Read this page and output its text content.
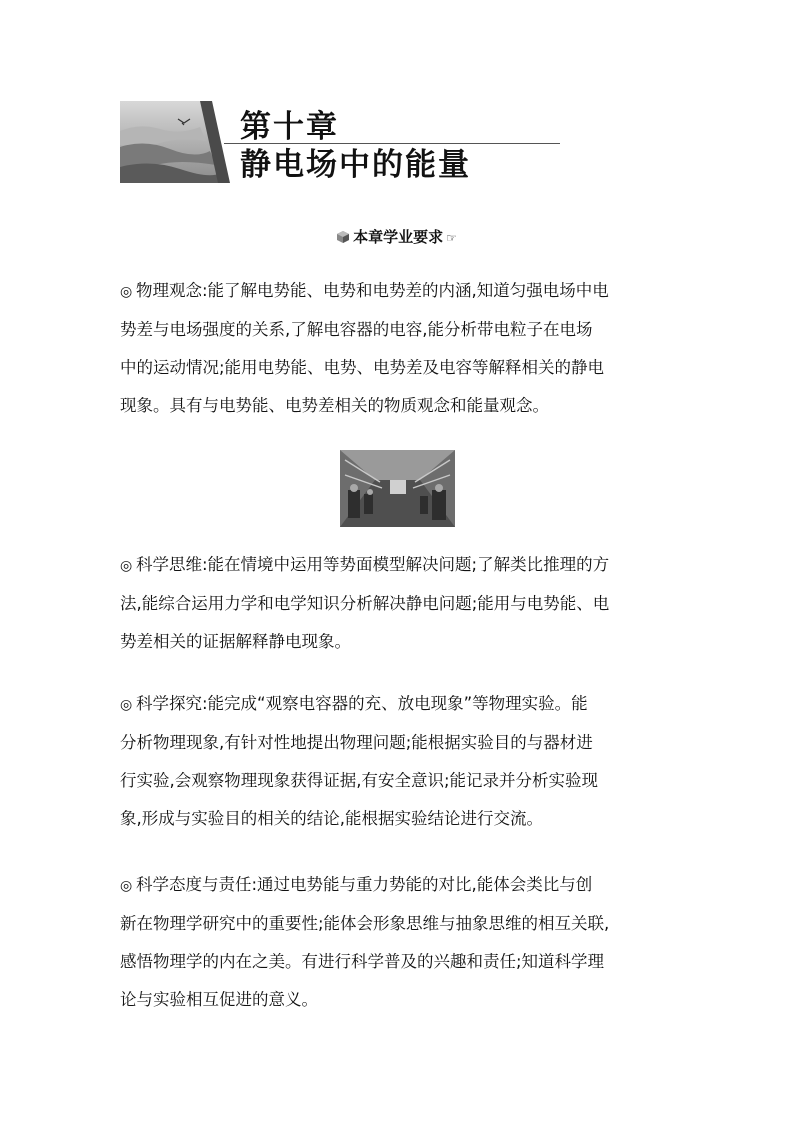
第十章
静电场中的能量
本章学业要求 ☞
◎ 物理观念:能了解电势能、电势和电势差的内涵,知道匀强电场中电
势差与电场强度的关系,了解电容器的电容,能分析带电粒子在电场
中的运动情况;能用电势能、电势、电势差及电容等解释相关的静电
现象。具有与电势能、电势差相关的物质观念和能量观念。
◎ 科学思维:能在情境中运用等势面模型解决问题;了解类比推理的方
法,能综合运用力学和电学知识分析解决静电问题;能用与电势能、电
势差相关的证据解释静电现象。
◎ 科学探究:能完成“观察电容器的充、放电现象”等物理实验。能
分析物理现象,有针对性地提出物理问题;能根据实验目的与器材进
行实验,会观察物理现象获得证据,有安全意识;能记录并分析实验现
象,形成与实验目的相关的结论,能根据实验结论进行交流。
◎ 科学态度与责任:通过电势能与重力势能的对比,能体会类比与创
新在物理学研究中的重要性;能体会形象思维与抽象思维的相互关联,
感悟物理学的内在之美。有进行科学普及的兴趣和责任;知道科学理
论与实验相互促进的意义。
